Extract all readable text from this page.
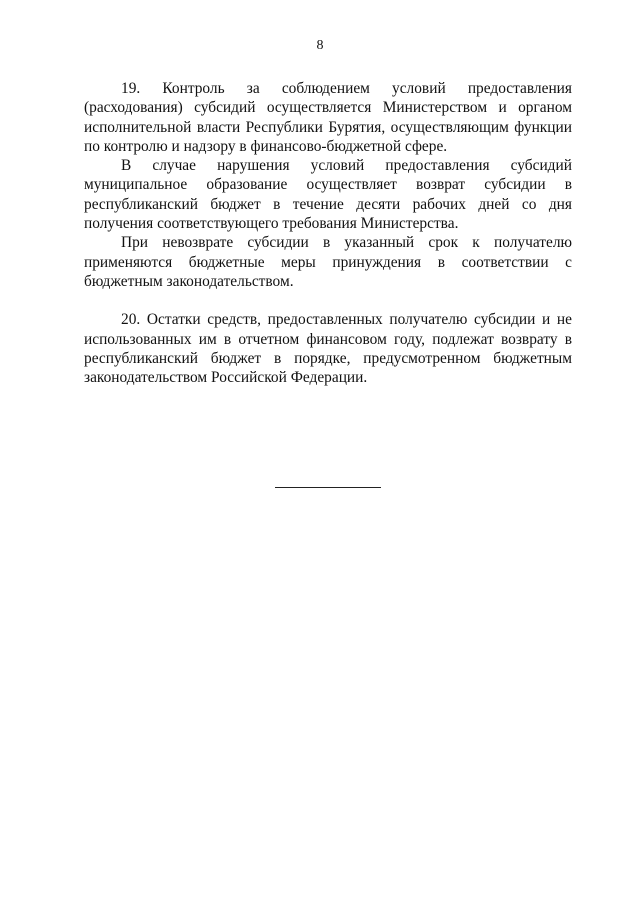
8

19. Контроль за соблюдением условий предоставления (расходования) субсидий осуществляется Министерством и органом исполнительной власти Республики Бурятия, осуществляющим функции по контролю и надзору в финансово-бюджетной сфере.

В случае нарушения условий предоставления субсидий муниципальное образование осуществляет возврат субсидии в республиканский бюджет в течение десяти рабочих дней со дня получения соответствующего требования Министерства.

При невозврате субсидии в указанный срок к получателю применяются бюджетные меры принуждения в соответствии с бюджетным законодательством.

20. Остатки средств, предоставленных получателю субсидии и не использованных им в отчетном финансовом году, подлежат возврату в республиканский бюджет в порядке, предусмотренном бюджетным законодательством Российской Федерации.
